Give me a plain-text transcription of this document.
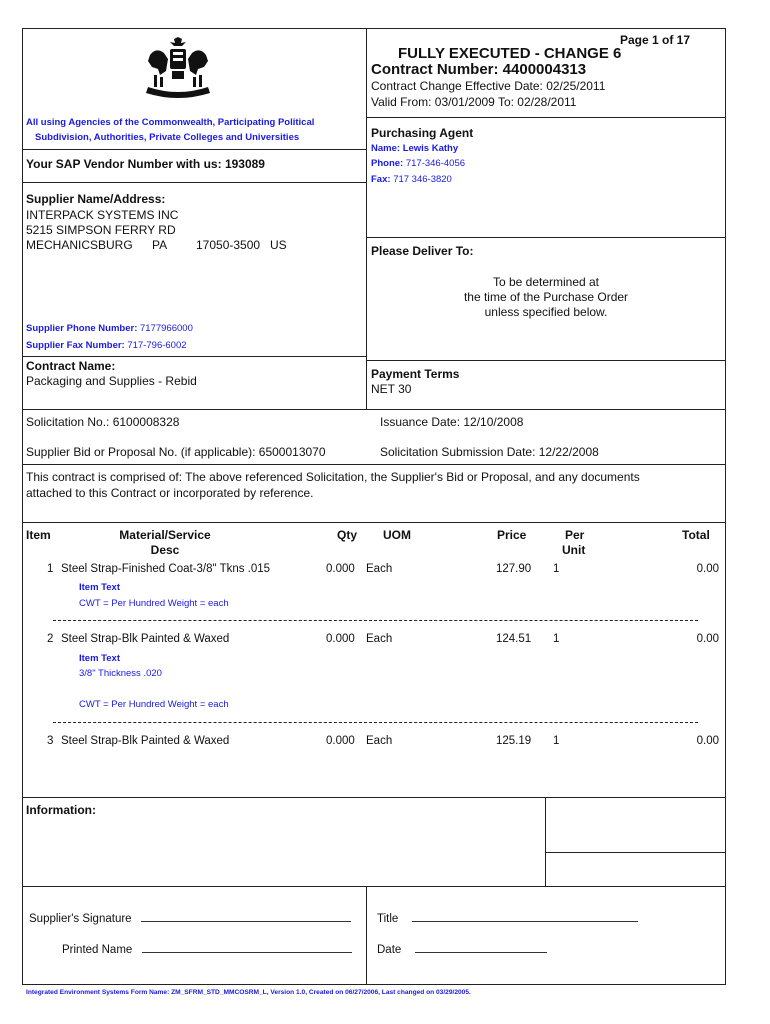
Page 1 of 17
FULLY EXECUTED - CHANGE 6
Contract Number: 4400004313
Contract Change Effective Date: 02/25/2011
Valid From: 03/01/2009 To: 02/28/2011
All using Agencies of the Commonwealth, Participating Political
Subdivision, Authorities, Private Colleges and Universities
Your SAP Vendor Number with us: 193089
Purchasing Agent
Name: Lewis Kathy
Phone: 717-346-4056
Fax: 717 346-3820
Supplier Name/Address:
INTERPACK SYSTEMS INC
5215 SIMPSON FERRY RD
MECHANICSBURG PA 17050-3500 US
Supplier Phone Number: 7177966000
Supplier Fax Number: 717-796-6002
Please Deliver To:
To be determined at
the time of the Purchase Order
unless specified below.
Contract Name:
Packaging and Supplies - Rebid	Payment Terms
NET 30
Solicitation No.: 6100008328	Issuance Date: 12/10/2008
Supplier Bid or Proposal No. (if applicable): 6500013070	Solicitation Submission Date: 12/22/2008
This contract is comprised of: The above referenced Solicitation, the Supplier's Bid or Proposal, and any documents
attached to this Contract or incorporated by reference.
Item	Material/Service
Desc
Qty UOM	Price	Per
Unit
Total
1 Steel Strap-Finished Coat-3/8" Tkns .015	0.000 Each	127.90 1	0.00
Item Text
CWT = Per Hundred Weight = each
2 Steel Strap-Blk Painted & Waxed	0.000 Each	124.51 1	0.00
Item Text
3/8" Thickness .020
CWT = Per Hundred Weight = each
3 Steel Strap-Blk Painted & Waxed	0.000 Each	125.19 1	0.00
Information:
Supplier's Signature
Printed Name
Title
Date
Integrated Environment Systems Form Name: ZM_SFRM_STD_MMCOSRM_L, Version 1.0, Created on 06/27/2006, Last changed on 03/29/2005.
